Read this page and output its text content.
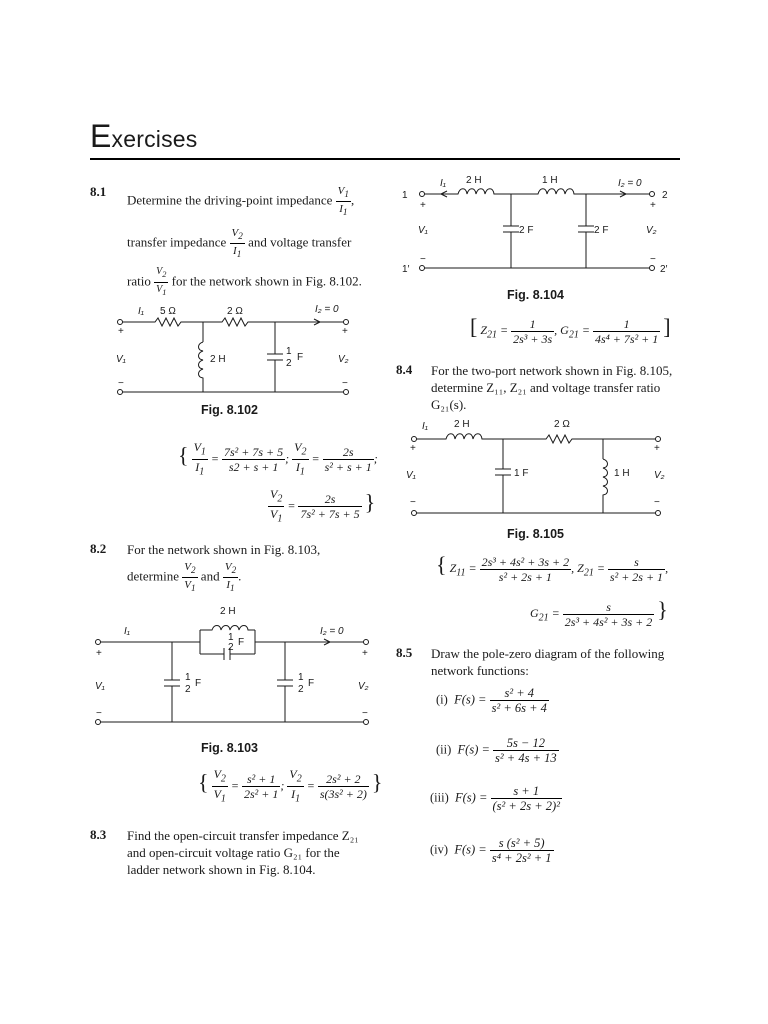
Exercises
8.1
Determine the driving-point impedance $\frac{V_1}{I_1}$ ,
transfer impedance $\frac{V_2}{I_1}$ and voltage transfer
ratio $\frac{V_2}{V_1}$ for the network shown in Fig. 8.102.
I₁ 5 Ω	2 Ω	I₂ = 0
2 H
1
2
F
V₁	V₂
+
−
+
−
Fig. 8.102
{ $\frac{V_1}{I_1} = \frac{\text{7s² + 7s + 5}}{s2 + s + 1}$ ; $\frac{V_2}{I_1} = \frac{2s}{\text{s² + s + 1}}$ ;
$\frac{V_2}{V_1} = \frac{2s}{\text{7s² + 7s + 5}}$ }
8.2 For the network shown in Fig. 8.103,
determine $\frac{V_2}{V_1}$ and $\frac{V_2}{I_1}$ .
I₁
2 H
1
2 F
I₂ = 0
1
2
F
1
2
F
V₁	V₂
+
−
+
−
Fig. 8.103
{ $\frac{V_2}{V_1} = \frac{\text{s² + 1}}{\text{2s² + 1}}$ ; $\frac{V_2}{I_1} = \frac{\text{2s² + 2}}{\text{s(3s² + 2)}}$ }
8.3 Find the open-circuit transfer impedance Z₂₁
and open-circuit voltage ratio G₂₁ for the
ladder network shown in Fig. 8.104.
1
1′
2
2′
I₁ 2 H	1 H	I₂ = 0
2 F	2 F
V₁	V₂
+
−
+
−
Fig. 8.104
[ $Z_{21} = \frac{1}{\text{2s³ + 3s}}$ , $G_{21} = \frac{1}{\text{4s⁴ + 7s² + 1}}$ ]
8.4 For the two-port network shown in Fig. 8.105,
determine Z₁₁, Z₂₁ and voltage transfer ratio
G₂₁(s).
I₁	2 H	2 Ω
1 F	1 H
V₁	V₂
+
−
+
−
Fig. 8.105
{ $Z_{11} = \frac{\text{2s³ + 4s² + 3s + 2}}{\text{s² + 2s + 1}}$ , $Z_{21} = \frac{s}{\text{s² + 2s + 1}}$ ,
$G_{21} = \frac{s}{\text{2s³ + 4s² + 3s + 2}}$ }
8.5 Draw the pole-zero diagram of the following
network functions:
(i) $F(s) = \frac{\text{s² + 4}}{\text{s² + 6s + 4}}$
(ii) $F(s) = \frac{5s - 12}{\text{s² + 4s + 13}}$
(iii) $F(s) = \frac{s + 1}{\text{(s² + 2s + 2)²}}$
(iv) $F(s) = \frac{\text{s (s² + 5)}}{\text{s⁴ + 2s² + 1}}$
